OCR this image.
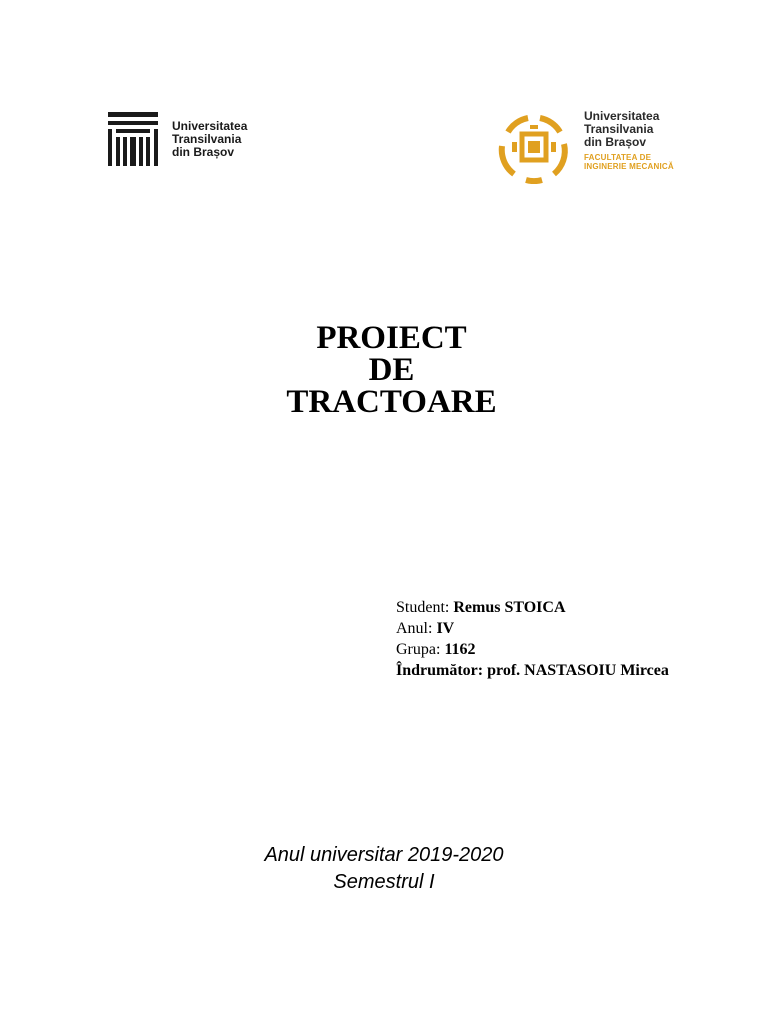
Universitatea
Transilvania
din Brașov
Universitatea
Transilvania
din Brașov
FACULTATEA DE
INGINERIE MECANICĂ
PROIECT
DE
TRACTOARE
Student: Remus STOICA
Anul: IV
Grupa: 1162
Îndrumător: prof. NASTASOIU Mircea
Anul universitar 2019-2020
Semestrul I
